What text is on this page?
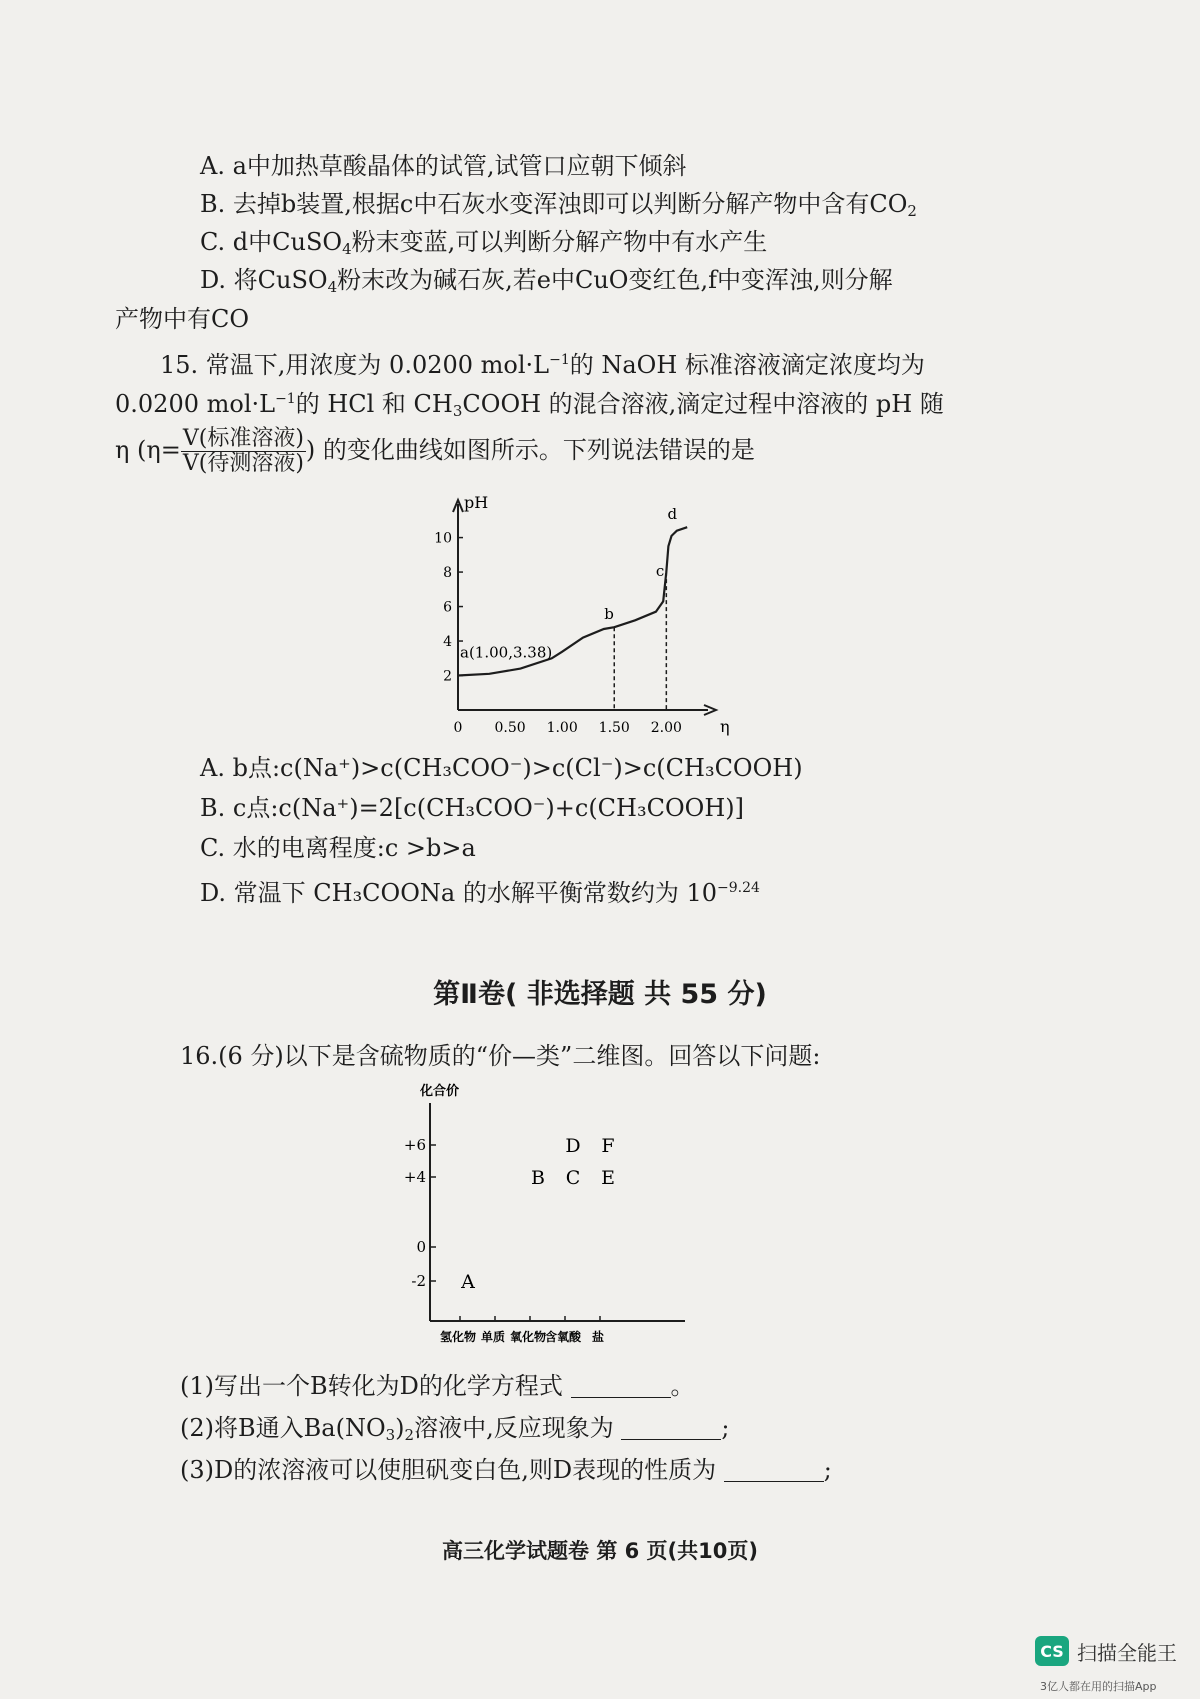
A. a中加热草酸晶体的试管,试管口应朝下倾斜
B. 去掉b装置,根据c中石灰水变浑浊即可以判断分解产物中含有$CO_2$
C. d中CuSO$_4$粉末变蓝,可以判断分解产物中有水产生
D. 将CuSO$_4$粉末改为碱石灰,若e中CuO变红色,f中变浑浊,则分解
产物中有CO
15. 常温下,用浓度为 0.0200 $mol\cdot L^{-1}$的 NaOH 标准溶液滴定浓度均为
0.0200 $mol\cdot L^{-1}$的 HCl 和 $CH_3COOH$ 的混合溶液,滴定过程中溶液的 pH 随
η ($\eta= \frac{\text{V(标准溶液)}}{\text{V(待测溶液)}}$ ) 的变化曲线如图所示。下列说法错误的是
pH
η
0 0.50 1.00 1.50 2.00
2
4
6
8
10
a(1.00,3.38)
b
c
d
A. b点:c(Na⁺)>c(CH₃COO⁻)>c(Cl⁻)>c(CH₃COOH)
B. c点:c(Na⁺)=2[c(CH₃COO⁻)+c(CH₃COOH)]
C. 水的电离程度:c >b>a
D. 常温下 CH₃COONa 的水解平衡常数约为 $10^{-9.24}$
第Ⅱ卷( 非选择题 共 55 分)
16.(6 分)以下是含硫物质的“价—类”二维图。回答以下问题:
化合价
+6
+4
0
-2
氢化物 单质 氧化物
含氧酸 盐
A
B C
D
E
F
(1)写出一个B转化为D的化学方程式	。
(2)将B通入$Ba(NO_3)_2$溶液中,反应现象为	;
(3)D的浓溶液可以使胆矾变白色,则D表现的性质为	;
高三化学试题卷 第 6 页(共10页)
CS 扫描全能王
3亿人都在用的扫描App
